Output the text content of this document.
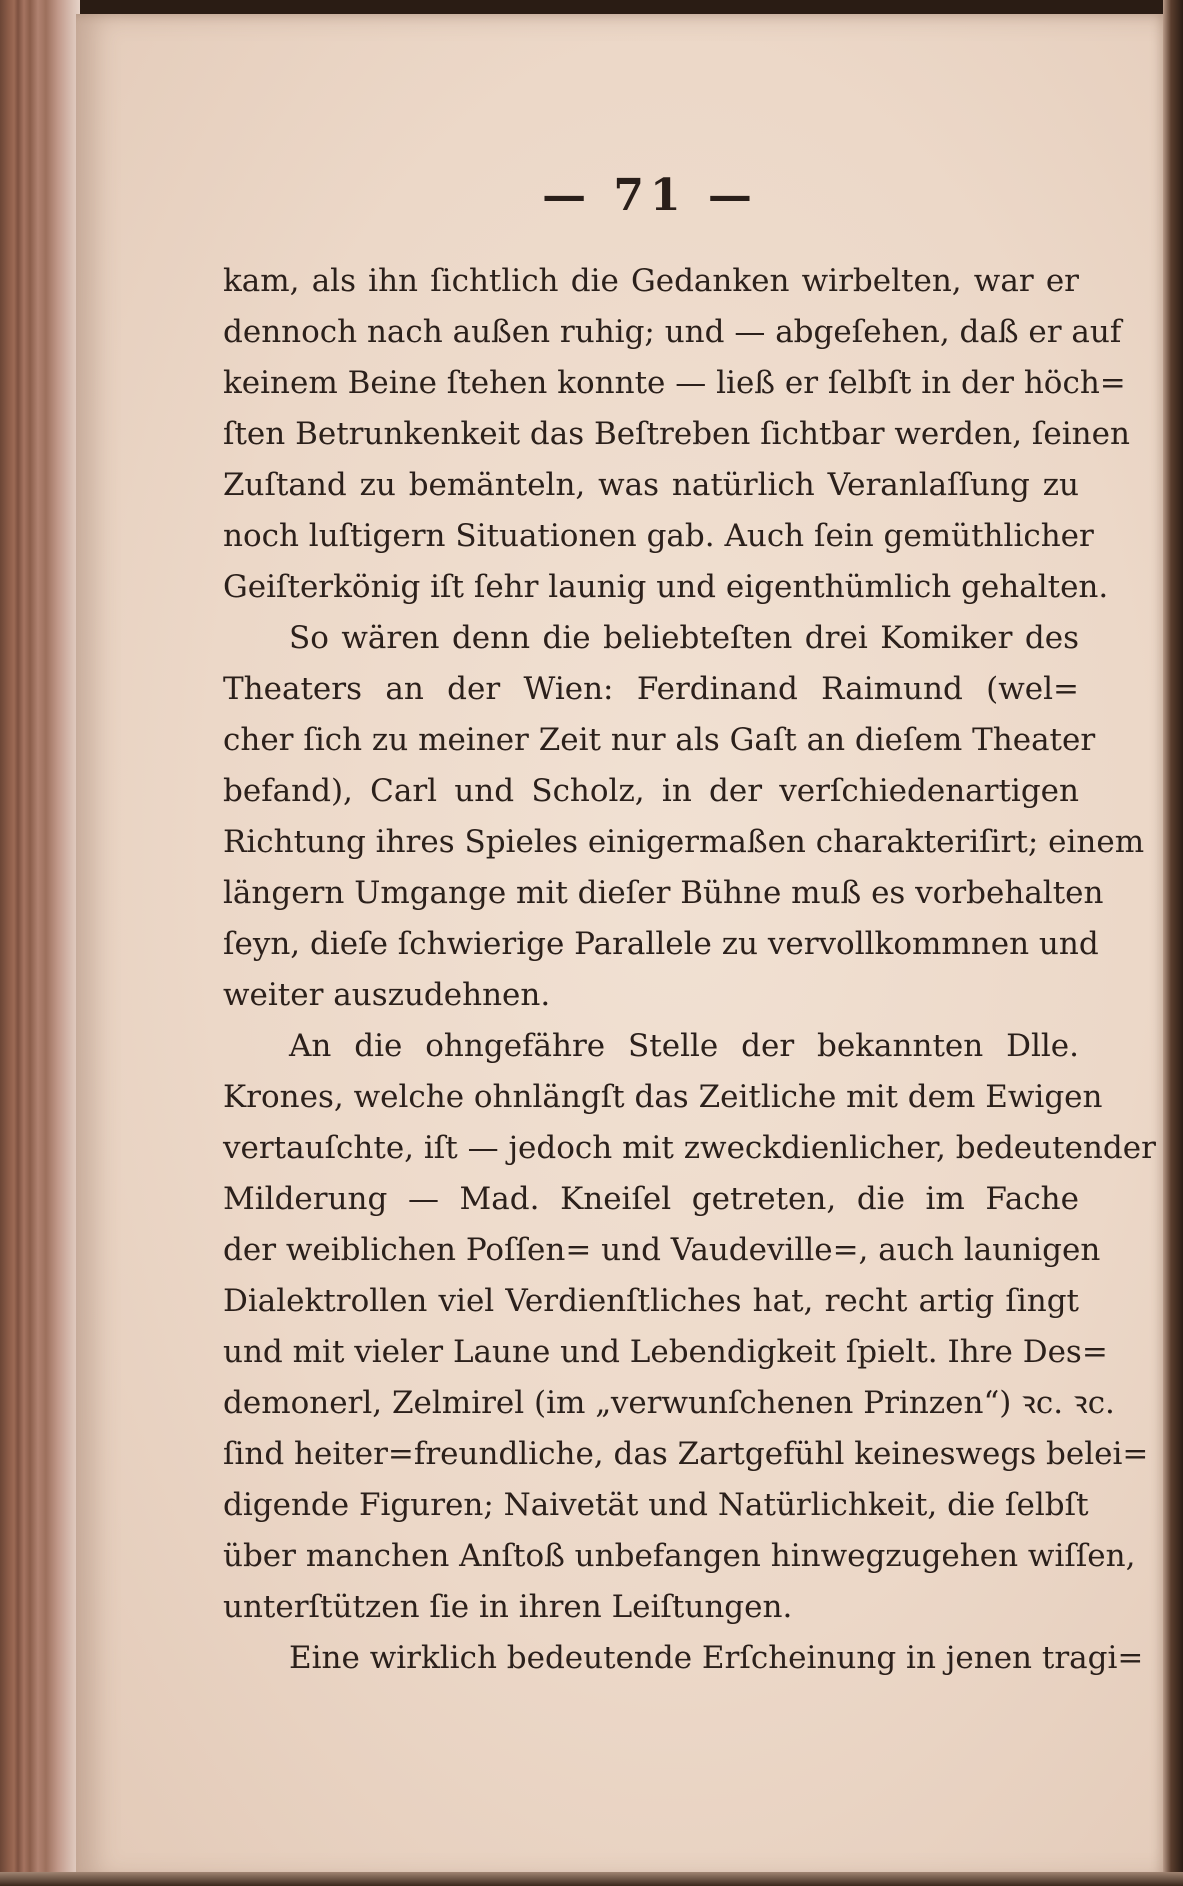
— 71 —
kam, als ihn ſichtlich die Gedanken wirbelten, war er
dennoch nach außen ruhig; und — abgeſehen, daß er auf
keinem Beine ſtehen konnte — ließ er ſelbſt in der höch=
ſten Betrunkenkeit das Beſtreben ſichtbar werden, ſeinen
Zuſtand zu bemänteln, was natürlich Veranlaſſung zu
noch luſtigern Situationen gab. Auch ſein gemüthlicher
Geiſterkönig iſt ſehr launig und eigenthümlich gehalten.
So wären denn die beliebteſten drei Komiker des
Theaters an der Wien: Ferdinand Raimund (wel=
cher ſich zu meiner Zeit nur als Gaſt an dieſem Theater
befand), Carl und Scholz, in der verſchiedenartigen
Richtung ihres Spieles einigermaßen charakteriſirt; einem
längern Umgange mit dieſer Bühne muß es vorbehalten
ſeyn, dieſe ſchwierige Parallele zu vervollkommnen und
weiter auszudehnen.
An die ohngefähre Stelle der bekannten Dlle.
Krones, welche ohnlängſt das Zeitliche mit dem Ewigen
vertauſchte, iſt — jedoch mit zweckdienlicher, bedeutender
Milderung — Mad. Kneiſel getreten, die im Fache
der weiblichen Poſſen= und Vaudeville=, auch launigen
Dialektrollen viel Verdienſtliches hat, recht artig ſingt
und mit vieler Laune und Lebendigkeit ſpielt. Ihre Des=
demonerl, Zelmirel (im „verwunſchenen Prinzen“) ꝛc. ꝛc.
ſind heiter=freundliche, das Zartgefühl keineswegs belei=
digende Figuren; Naivetät und Natürlichkeit, die ſelbſt
über manchen Anſtoß unbefangen hinwegzugehen wiſſen,
unterſtützen ſie in ihren Leiſtungen.
Eine wirklich bedeutende Erſcheinung in jenen tragi=
